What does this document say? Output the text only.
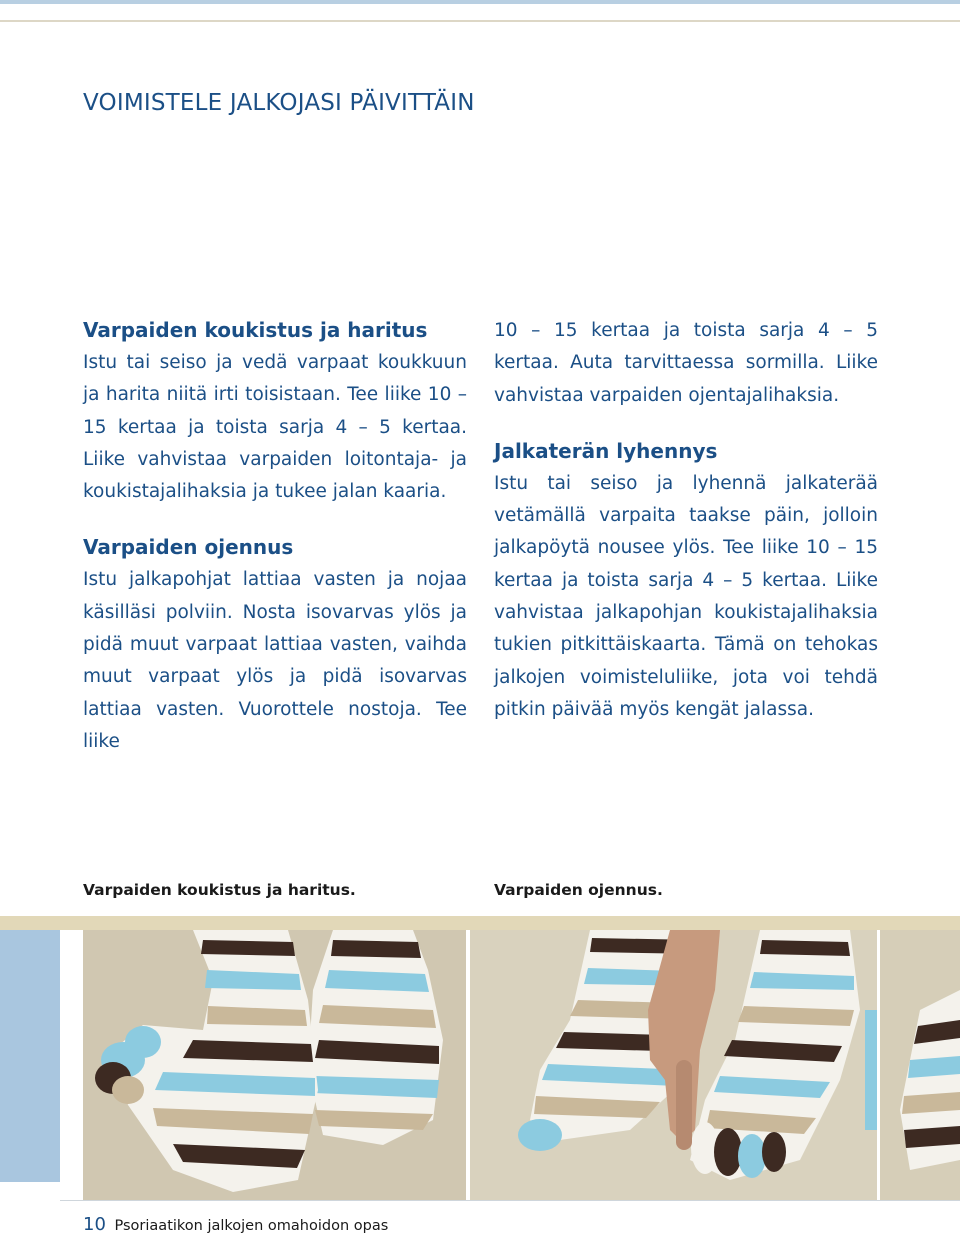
VOIMISTELE JALKOJASI PÄIVITTÄIN
Varpaiden koukistus ja haritus

Istu tai seiso ja vedä varpaat koukkuun ja harita niitä irti toisistaan. Tee liike 10 – 15 kertaa ja toista sarja 4 – 5 kertaa. Liike vahvistaa varpaiden loitontaja- ja koukistajalihaksia ja tukee jalan kaaria.

Varpaiden ojennus

Istu jalkapohjat lattiaa vasten ja nojaa käsilläsi polviin. Nosta isovarvas ylös ja pidä muut varpaat lattiaa vasten, vaihda muut varpaat ylös ja pidä isovarvas lattiaa vasten. Vuorottele nostoja. Tee liike

10 – 15 kertaa ja toista sarja 4 – 5 kertaa. Auta tarvittaessa sormilla. Liike vahvistaa varpaiden ojentajalihaksia.

Jalkaterän lyhennys

Istu tai seiso ja lyhennä jalkaterää vetämällä varpaita taakse päin, jolloin jalkapöytä nousee ylös. Tee liike 10 – 15 kertaa ja toista sarja 4 – 5 kertaa. Liike vahvistaa jalkapohjan koukistajalihaksia tukien pitkittäiskaarta. Tämä on tehokas jalkojen voimisteluliike, jota voi tehdä pitkin päivää myös kengät jalassa.

Varpaiden koukistus ja haritus.	Varpaiden ojennus.
10 Psoriaatikon jalkojen omahoidon opas
